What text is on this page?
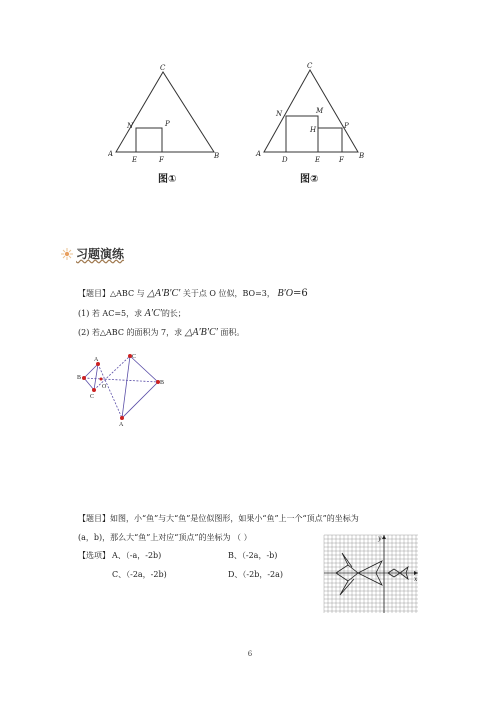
C
A	B
N	P
E	F
图①
C
A	B
N	M
H	P
D	E	F
图②
习题演练
【题目】△ABC 与 △A′B′C′ 关于点 O 位似，BO=3， B′O=6
(1) 若 AC=5，求 A′C′的长；
(2) 若△ABC 的面积为 7，求 △A′B′C′ 面积。
A
B
C
O
C
B
A
【题目】如图，小“鱼”与大“鱼”是位似图形，如果小“鱼”上一个“顶点”的坐标为
(a，b)，那么大“鱼”上对应“顶点”的坐标为 （ ）
【选项】 A、（-a，-2b)	B、（-2a，-b)
C、（-2a，-2b)	D、（-2b，-2a)
y
x
6
